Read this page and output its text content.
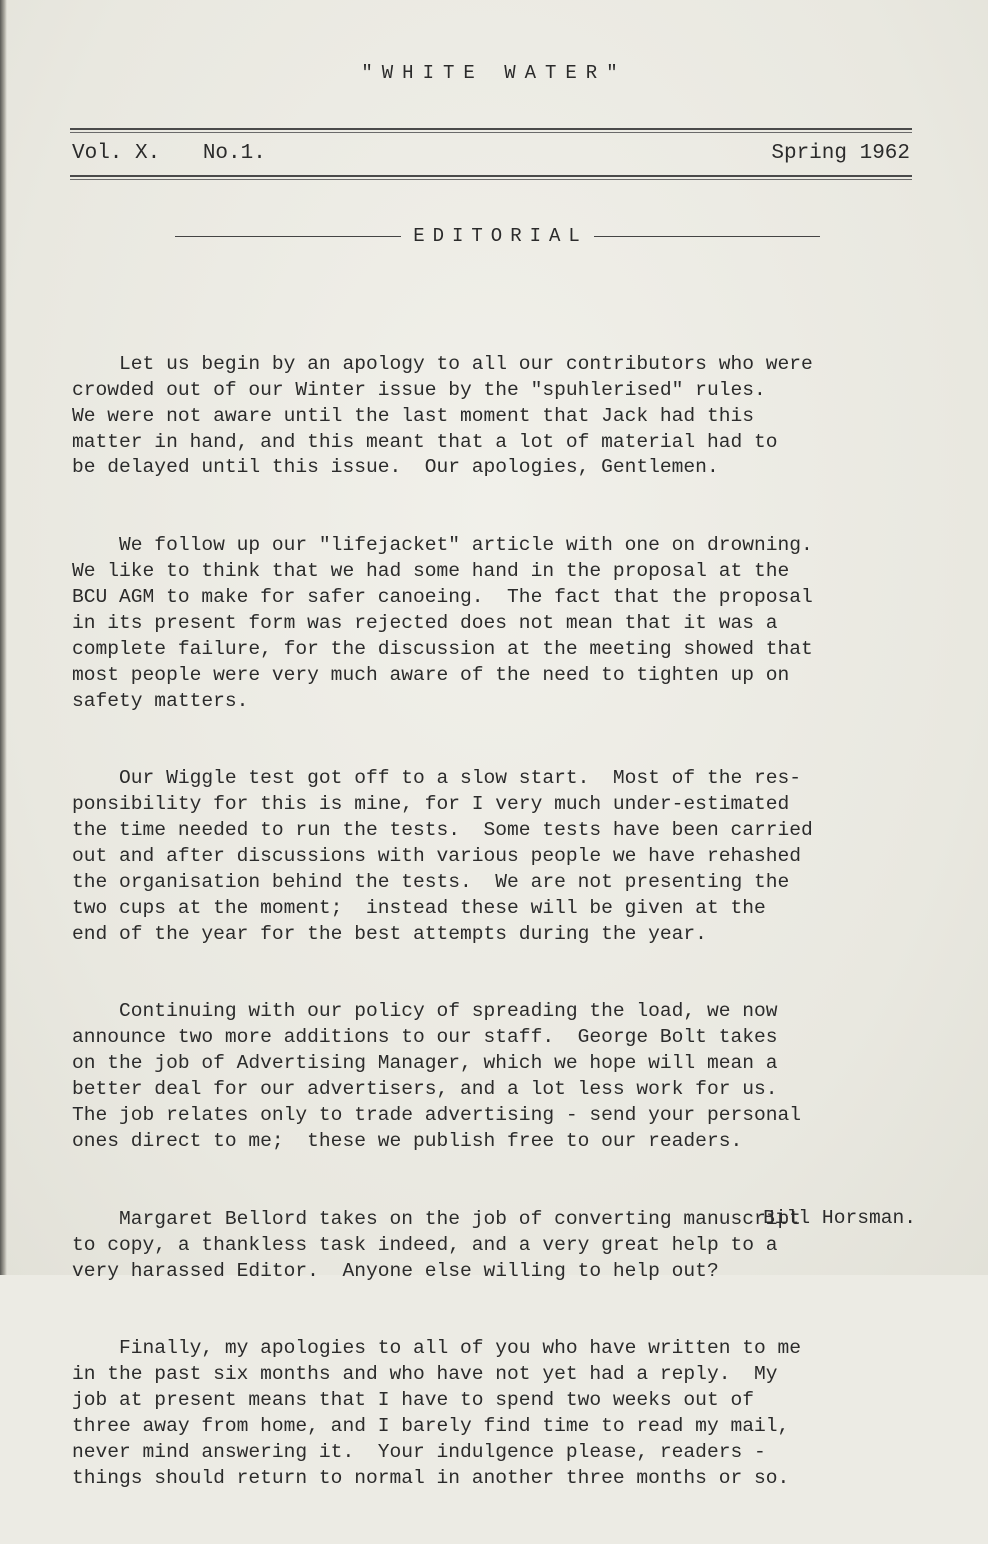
"WHITE WATER"
Vol. X. No.1.	Spring 1962
EDITORIAL

Let us begin by an apology to all our contributors who were
crowded out of our Winter issue by the "spuhlerised" rules.
We were not aware until the last moment that Jack had this
matter in hand, and this meant that a lot of material had to
be delayed until this issue.  Our apologies, Gentlemen.

We follow up our "lifejacket" article with one on drowning.
We like to think that we had some hand in the proposal at the
BCU AGM to make for safer canoeing.  The fact that the proposal
in its present form was rejected does not mean that it was a
complete failure, for the discussion at the meeting showed that
most people were very much aware of the need to tighten up on
safety matters.

Our Wiggle test got off to a slow start.  Most of the res-
ponsibility for this is mine, for I very much under-estimated
the time needed to run the tests.  Some tests have been carried
out and after discussions with various people we have rehashed
the organisation behind the tests.  We are not presenting the
two cups at the moment;  instead these will be given at the
end of the year for the best attempts during the year.

Continuing with our policy of spreading the load, we now
announce two more additions to our staff.  George Bolt takes
on the job of Advertising Manager, which we hope will mean a
better deal for our advertisers, and a lot less work for us.
The job relates only to trade advertising - send your personal
ones direct to me;  these we publish free to our readers.

Margaret Bellord takes on the job of converting manuscript
to copy, a thankless task indeed, and a very great help to a
very harassed Editor.  Anyone else willing to help out?

Finally, my apologies to all of you who have written to me
in the past six months and who have not yet had a reply.  My
job at present means that I have to spend two weeks out of
three away from home, and I barely find time to read my mail,
never mind answering it.  Your indulgence please, readers -
things should return to normal in another three months or so.

Bill Horsman.
